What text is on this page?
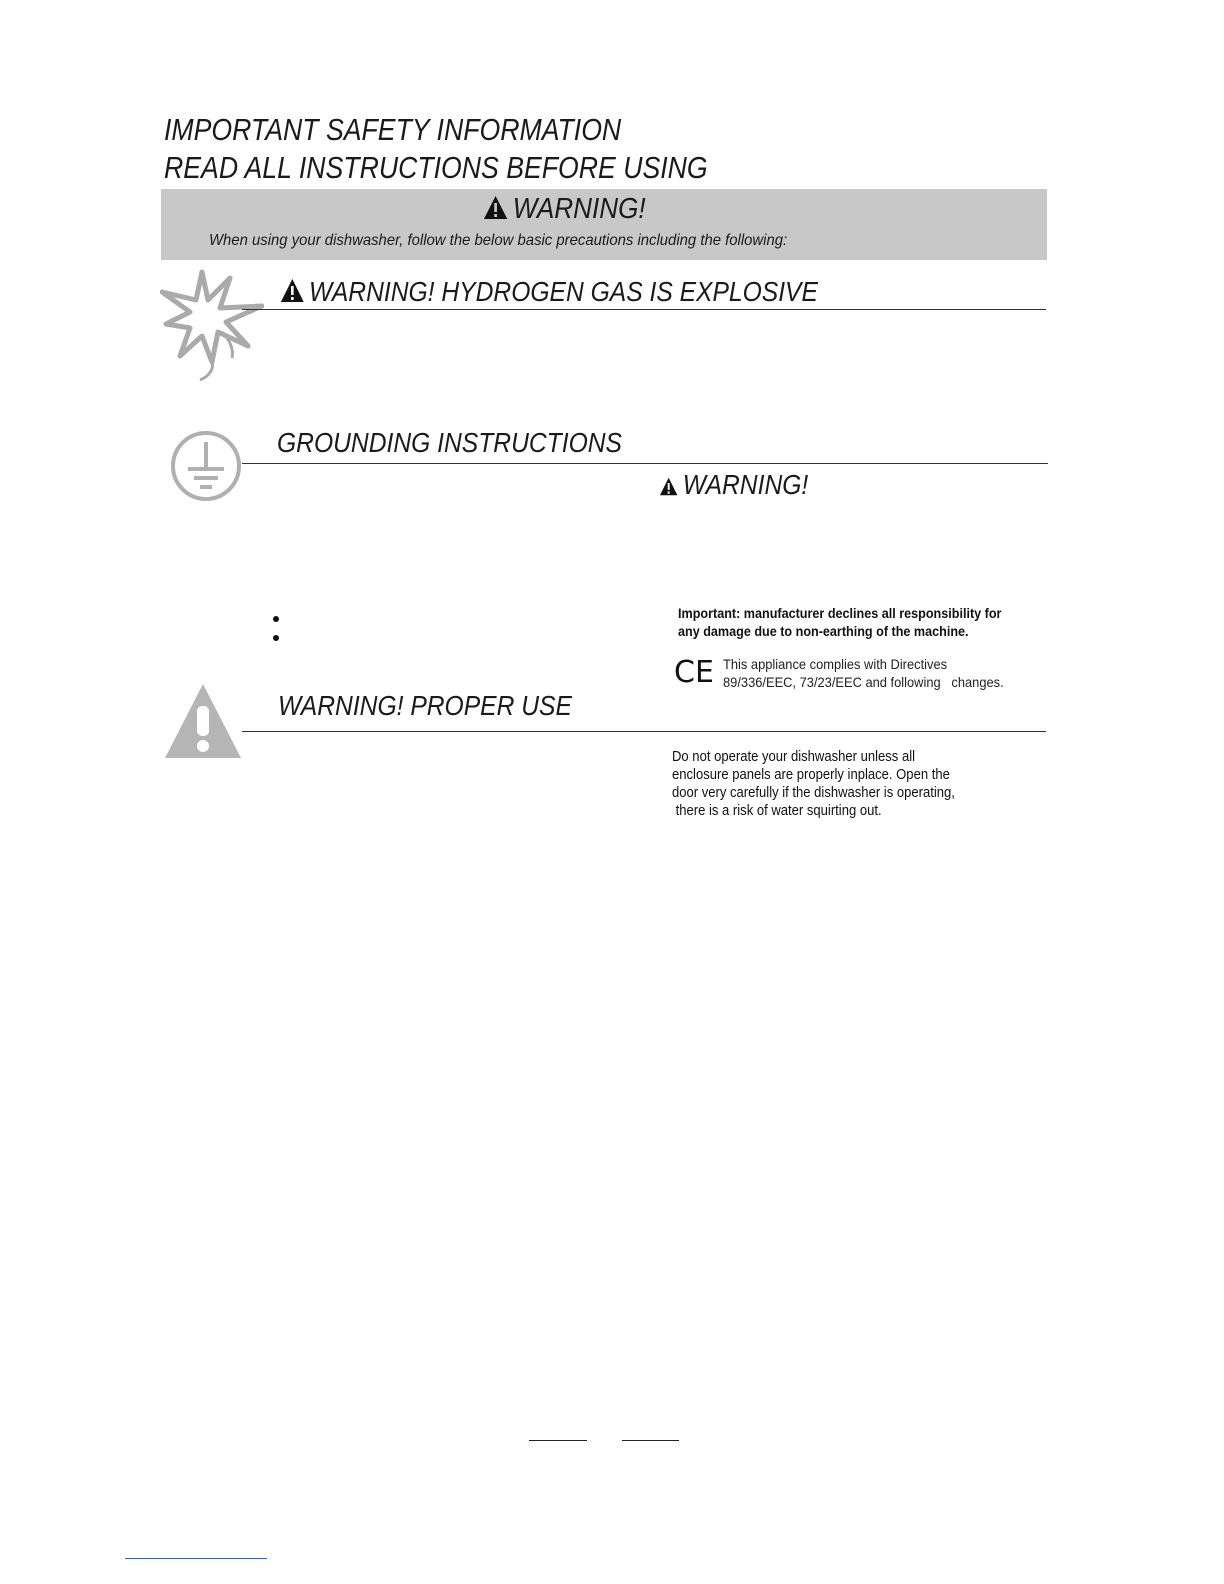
IMPORTANT SAFETY INFORMATION
READ ALL INSTRUCTIONS BEFORE USING
WARNING!
When using your dishwasher, follow the below basic precautions including the following:
WARNING! HYDROGEN GAS IS EXPLOSIVE
GROUNDING INSTRUCTIONS
WARNING!
Important: manufacturer declines all responsibility for
any damage due to non-earthing of the machine.
CE This appliance complies with Directives
89/336/EEC, 73/23/EEC and following   changes.
WARNING! PROPER USE
Do not operate your dishwasher unless all
enclosure panels are properly inplace. Open the
door very carefully if the dishwasher is operating,
there is a risk of water squirting out.
